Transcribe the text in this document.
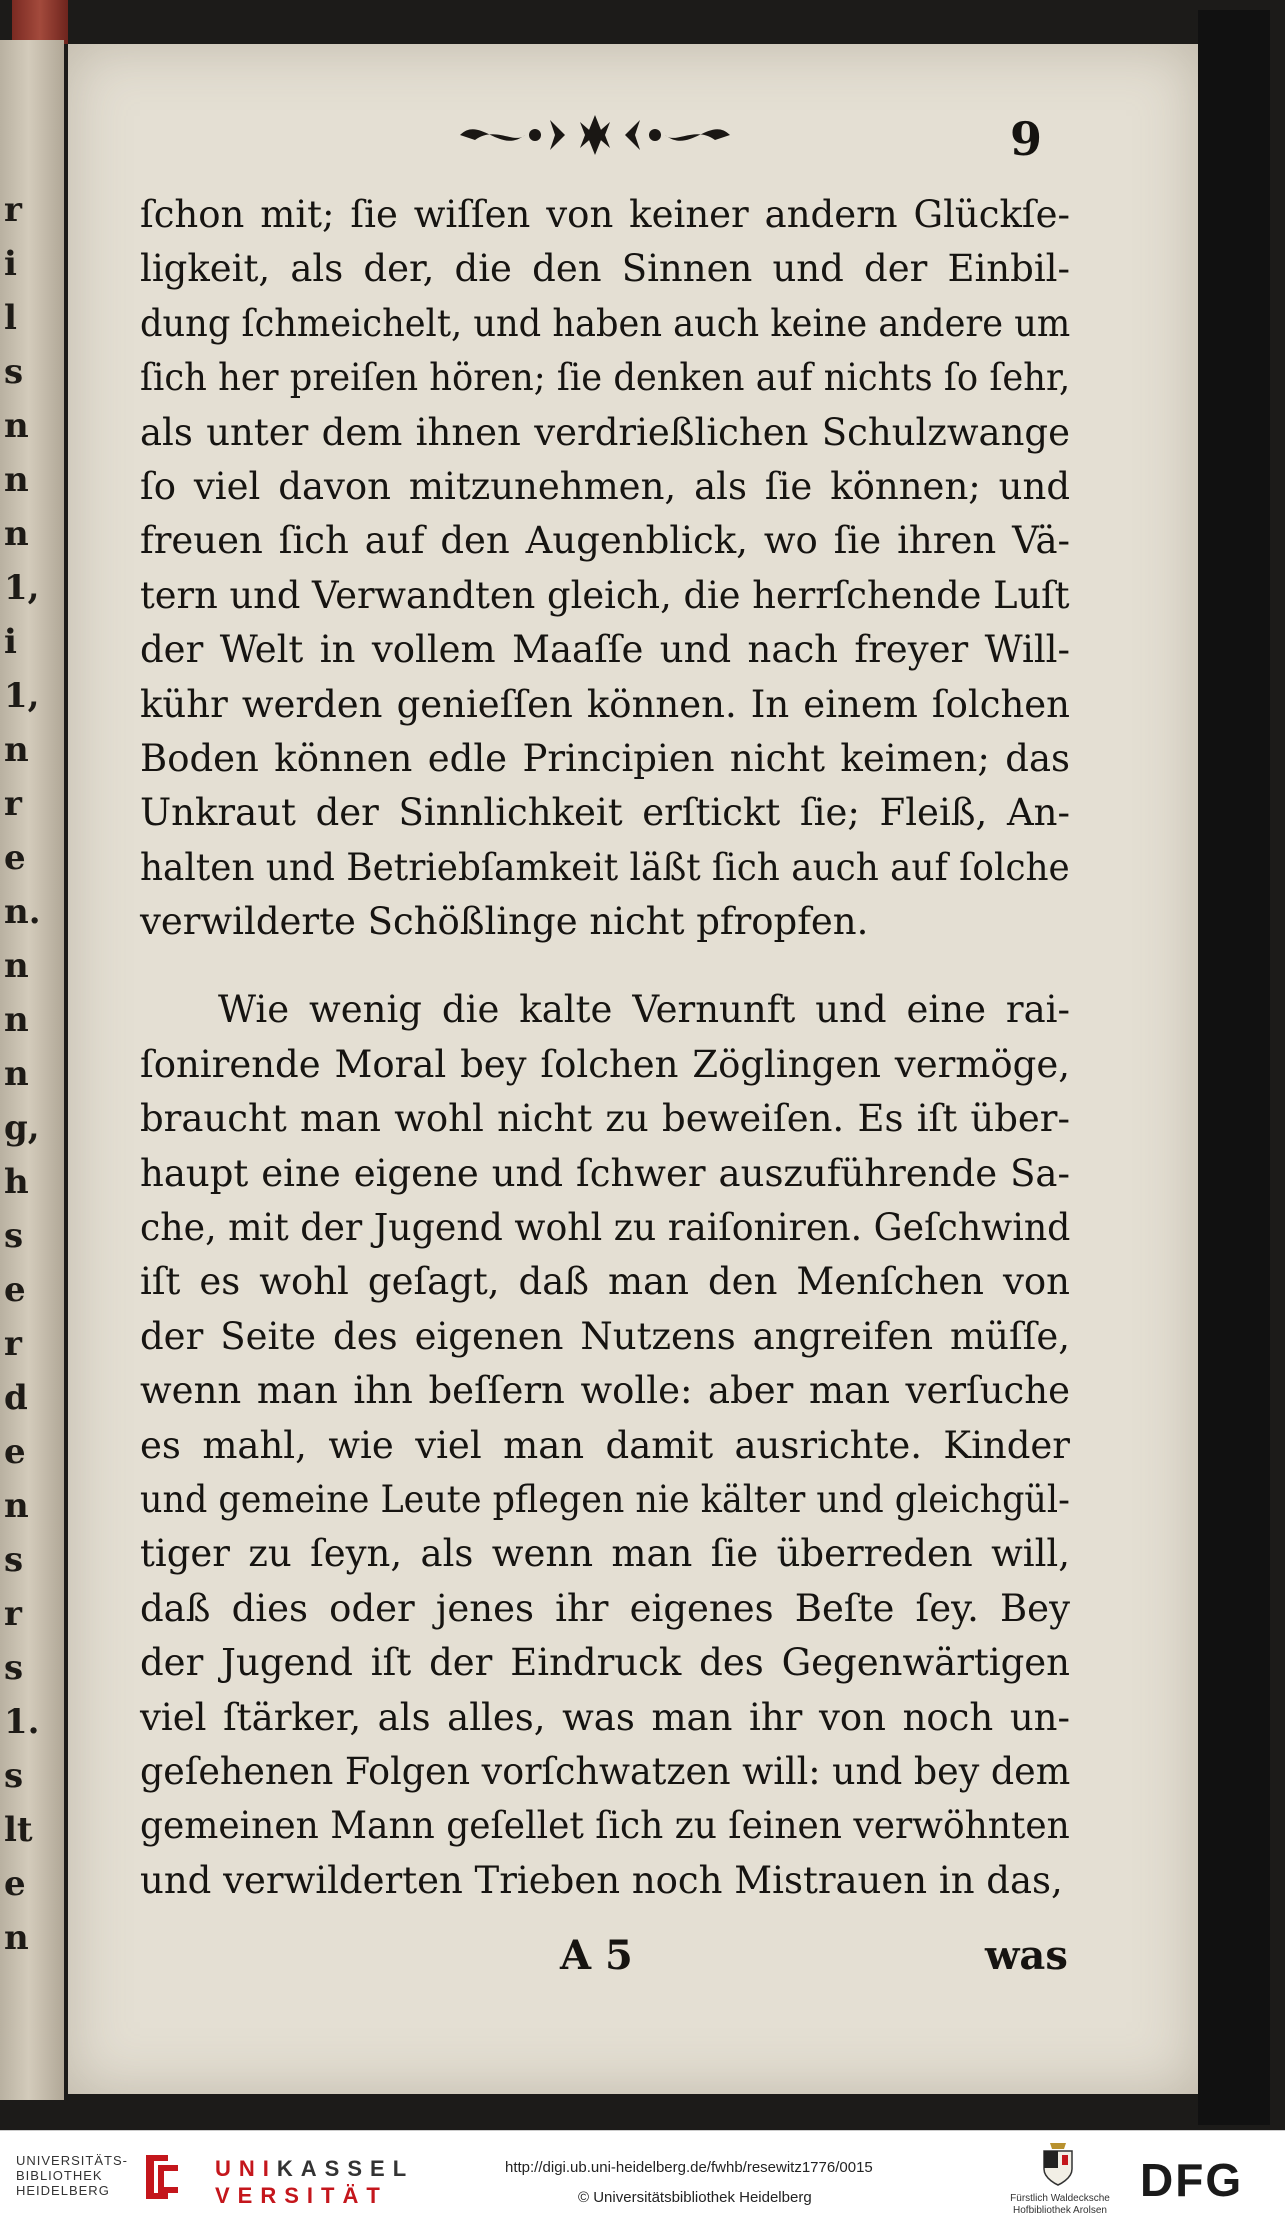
r
i
l
s
n
n
n
1,
i
1,
n
r
e
n.
n
n
n
g,
h
s
e
r
d
e
n
s
r
s
1.
s
lt
e
n
9
ſchon mit; ſie wiſſen von keiner andern Glückſe-
ligkeit, als der, die den Sinnen und der Einbil-
dung ſchmeichelt, und haben auch keine andere um
ſich her preiſen hören; ſie denken auf nichts ſo ſehr,
als unter dem ihnen verdrießlichen Schulzwange
ſo viel davon mitzunehmen, als ſie können; und
freuen ſich auf den Augenblick, wo ſie ihren Vä-
tern und Verwandten gleich, die herrſchende Luſt
der Welt in vollem Maaſſe und nach freyer Will-
kühr werden genieſſen können. In einem ſolchen
Boden können edle Principien nicht keimen; das
Unkraut der Sinnlichkeit erſtickt ſie; Fleiß, An-
halten und Betriebſamkeit läßt ſich auch auf ſolche
verwilderte Schößlinge nicht pfropfen.
Wie wenig die kalte Vernunft und eine rai-
ſonirende Moral bey ſolchen Zöglingen vermöge,
braucht man wohl nicht zu beweiſen. Es iſt über-
haupt eine eigene und ſchwer auszuführende Sa-
che, mit der Jugend wohl zu raiſoniren. Geſchwind
iſt es wohl geſagt, daß man den Menſchen von
der Seite des eigenen Nutzens angreifen müſſe,
wenn man ihn beſſern wolle: aber man verſuche
es mahl, wie viel man damit ausrichte. Kinder
und gemeine Leute pflegen nie kälter und gleichgül-
tiger zu ſeyn, als wenn man ſie überreden will,
daß dies oder jenes ihr eigenes Beſte ſey. Bey
der Jugend iſt der Eindruck des Gegenwärtigen
viel ſtärker, als alles, was man ihr von noch un-
geſehenen Folgen vorſchwatzen will: und bey dem
gemeinen Mann geſellet ſich zu ſeinen verwöhnten
und verwilderten Trieben noch Mistrauen in das,
A 5	was
UNIVERSITÄTS-
BIBLIOTHEK
HEIDELBERG
UNIKASSEL
VERSITÄT
http://digi.ub.uni-heidelberg.de/fwhb/resewitz1776/0015
© Universitätsbibliothek Heidelberg	Fürstlich Waldecksche
Hofbibliothek Arolsen
DFG
